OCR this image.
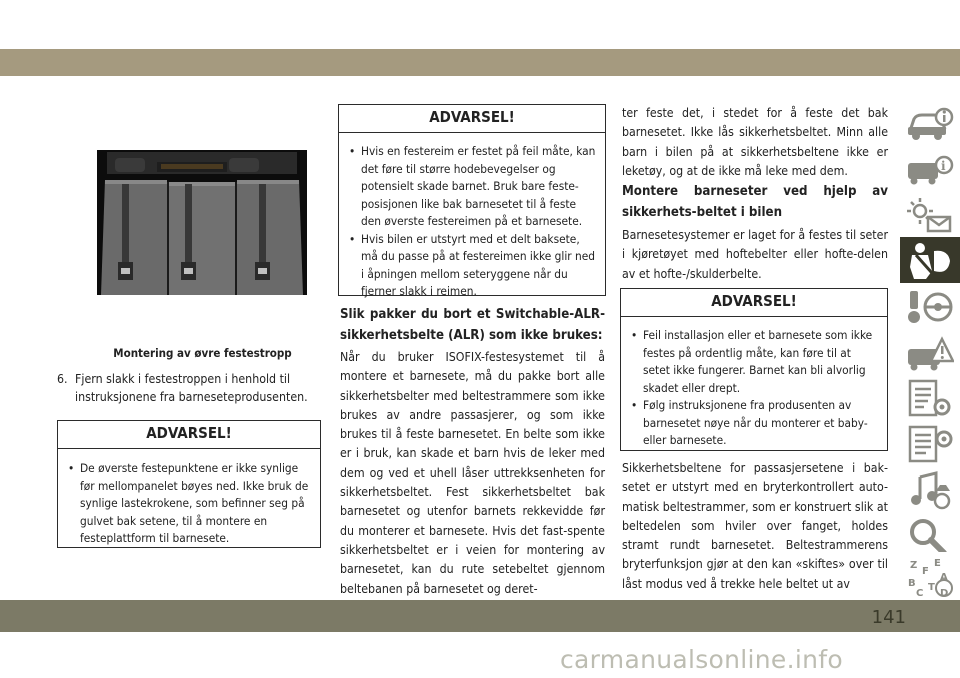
Montering av øvre festestropp
6. Fjern slakk i festestroppen i henhold til instruksjonene fra barneseteprodusenten.
ADVARSEL!
• De øverste festepunktene er ikke synlige før mellompanelet bøyes ned. Ikke bruk de synlige lastekrokene, som befinner seg på gulvet bak setene, til å montere en festeplattform til barnesete.
ADVARSEL!
• Hvis en festereim er festet på feil måte, kan det føre til større hodebevegelser og potensielt skade barnet. Bruk bare feste-posisjonen like bak barnesetet til å feste den øverste festereimen på et barnesete.
• Hvis bilen er utstyrt med et delt baksete, må du passe på at festereimen ikke glir ned i åpningen mellom seteryggene når du fjerner slakk i reimen.

Slik pakker du bort et Switchable-ALR-sikkerhetsbelte (ALR) som ikke brukes:

Når du bruker ISOFIX-festesystemet til å montere et barnesete, må du pakke bort alle sikkerhetsbelter med beltestrammere som ikke brukes av andre passasjerer, og som ikke brukes til å feste barnesetet. En belte som ikke er i bruk, kan skade et barn hvis de leker med dem og ved et uhell låser uttrekksenheten for sikkerhetsbeltet. Fest sikkerhetsbeltet bak barnesetet og utenfor barnets rekkevidde før du monterer et barnesete. Hvis det fast-spente sikkerhetsbeltet er i veien for montering av barnesetet, kan du rute setebeltet gjennom beltebanen på barnesetet og deret-

ter feste det, i stedet for å feste det bak barnesetet. Ikke lås sikkerhetsbeltet. Minn alle barn i bilen på at sikkerhetsbeltene ikke er leketøy, og at de ikke må leke med dem.

Montere barneseter ved hjelp av sikkerhets-beltet i bilen

Barnesetesystemer er laget for å festes til seter i kjøretøyet med hoftebelter eller hofte-delen av et hofte-/skulderbelte.

ADVARSEL!
• Feil installasjon eller et barnesete som ikke festes på ordentlig måte, kan føre til at setet ikke fungerer. Barnet kan bli alvorlig skadet eller drept.
• Følg instruksjonene fra produsenten av barnesetet nøye når du monterer et baby- eller barnesete.

Sikkerhetsbeltene for passasjersetene i bak-setet er utstyrt med en bryterkontrollert auto-matisk beltestrammer, som er konstruert slik at beltedelen som hviler over fanget, holdes stramt rundt barnesetet. Beltestrammerens bryterfunksjon gjør at den kan «skiftes» over til låst modus ved å trekke hele beltet ut av

i
Z E
F
A
B T
C D
141
carmanualsonline.info
